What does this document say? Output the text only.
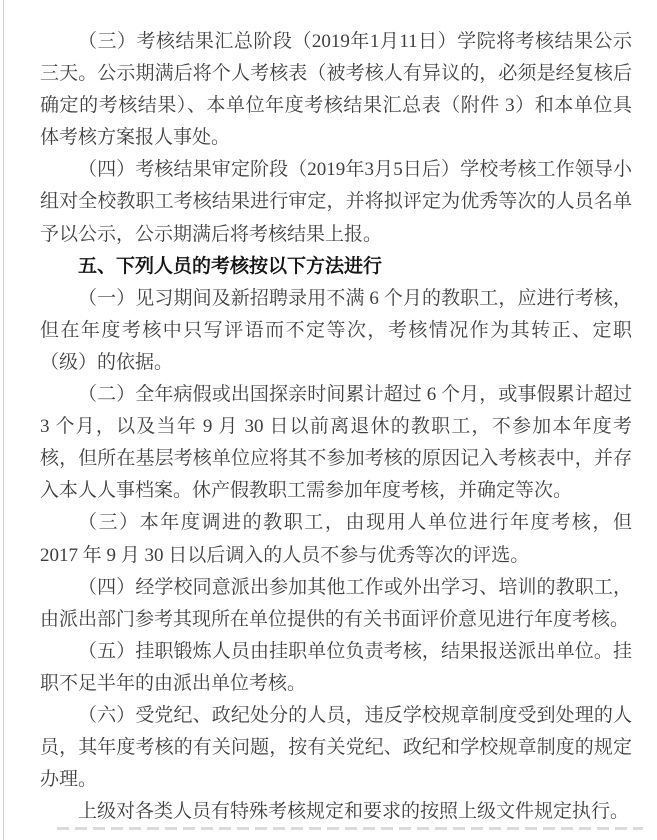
（三）考核结果汇总阶段（2019年1月11日）学院将考核结果公示三天。公示期满后将个人考核表（被考核人有异议的，必须是经复核后确定的考核结果）、本单位年度考核结果汇总表（附件 3）和本单位具体考核方案报人事处。

（四）考核结果审定阶段（2019年3月5日后）学校考核工作领导小组对全校教职工考核结果进行审定，并将拟评定为优秀等次的人员名单予以公示，公示期满后将考核结果上报。

五、下列人员的考核按以下方法进行

（一）见习期间及新招聘录用不满 6 个月的教职工，应进行考核，但在年度考核中只写评语而不定等次，考核情况作为其转正、定职（级）的依据。

（二）全年病假或出国探亲时间累计超过 6 个月，或事假累计超过 3 个月，以及当年 9 月 30 日以前离退休的教职工，不参加本年度考核，但所在基层考核单位应将其不参加考核的原因记入考核表中，并存入本人人事档案。休产假教职工需参加年度考核，并确定等次。

（三）本年度调进的教职工，由现用人单位进行年度考核，但 2017 年 9 月 30 日以后调入的人员不参与优秀等次的评选。

（四）经学校同意派出参加其他工作或外出学习、培训的教职工，由派出部门参考其现所在单位提供的有关书面评价意见进行年度考核。

（五）挂职锻炼人员由挂职单位负责考核，结果报送派出单位。挂职不足半年的由派出单位考核。

（六）受党纪、政纪处分的人员，违反学校规章制度受到处理的人员，其年度考核的有关问题，按有关党纪、政纪和学校规章制度的规定办理。

上级对各类人员有特殊考核规定和要求的按照上级文件规定执行。
